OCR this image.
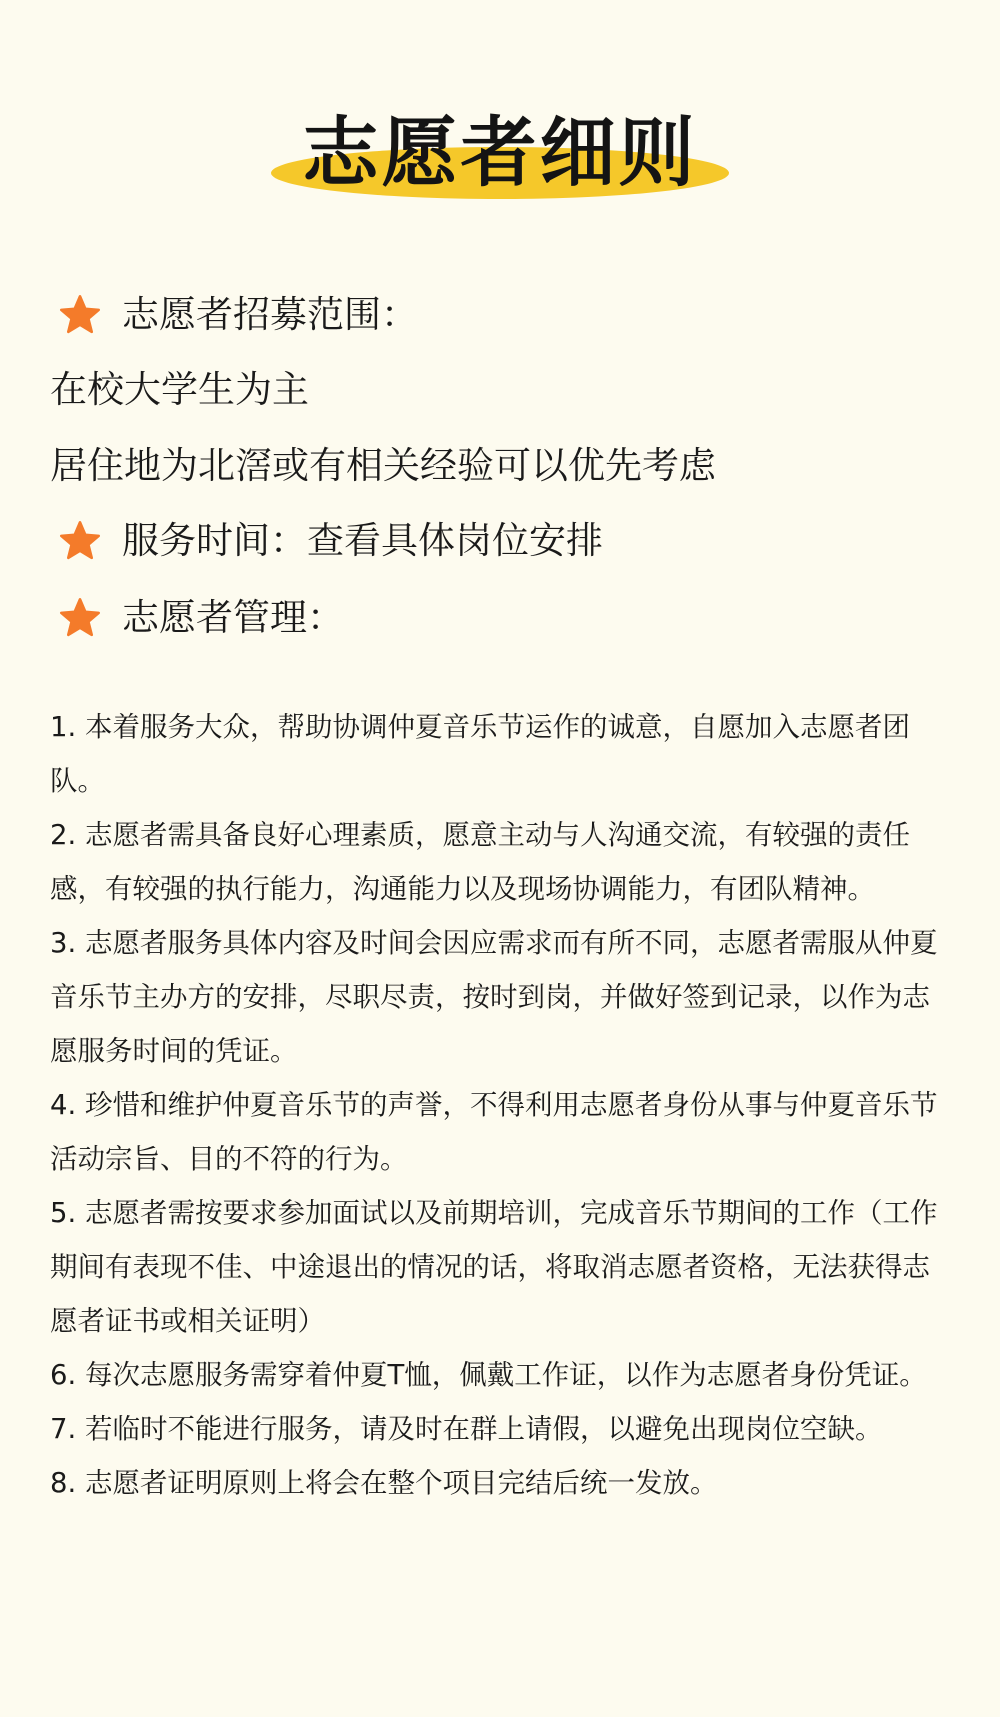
志愿者细则
志愿者招募范围：
在校大学生为主
居住地为北滘或有相关经验可以优先考虑
服务时间：查看具体岗位安排
志愿者管理：
1. 本着服务大众，帮助协调仲夏音乐节运作的诚意，自愿加入志愿者团队。
2. 志愿者需具备良好心理素质，愿意主动与人沟通交流，有较强的责任感，有较强的执行能力，沟通能力以及现场协调能力，有团队精神。
3. 志愿者服务具体内容及时间会因应需求而有所不同，志愿者需服从仲夏音乐节主办方的安排，尽职尽责，按时到岗，并做好签到记录，以作为志愿服务时间的凭证。
4. 珍惜和维护仲夏音乐节的声誉，不得利用志愿者身份从事与仲夏音乐节活动宗旨、目的不符的行为。
5. 志愿者需按要求参加面试以及前期培训，完成音乐节期间的工作（工作期间有表现不佳、中途退出的情况的话，将取消志愿者资格，无法获得志愿者证书或相关证明）
6. 每次志愿服务需穿着仲夏T恤，佩戴工作证，以作为志愿者身份凭证。
7. 若临时不能进行服务，请及时在群上请假，以避免出现岗位空缺。
8. 志愿者证明原则上将会在整个项目完结后统一发放。
